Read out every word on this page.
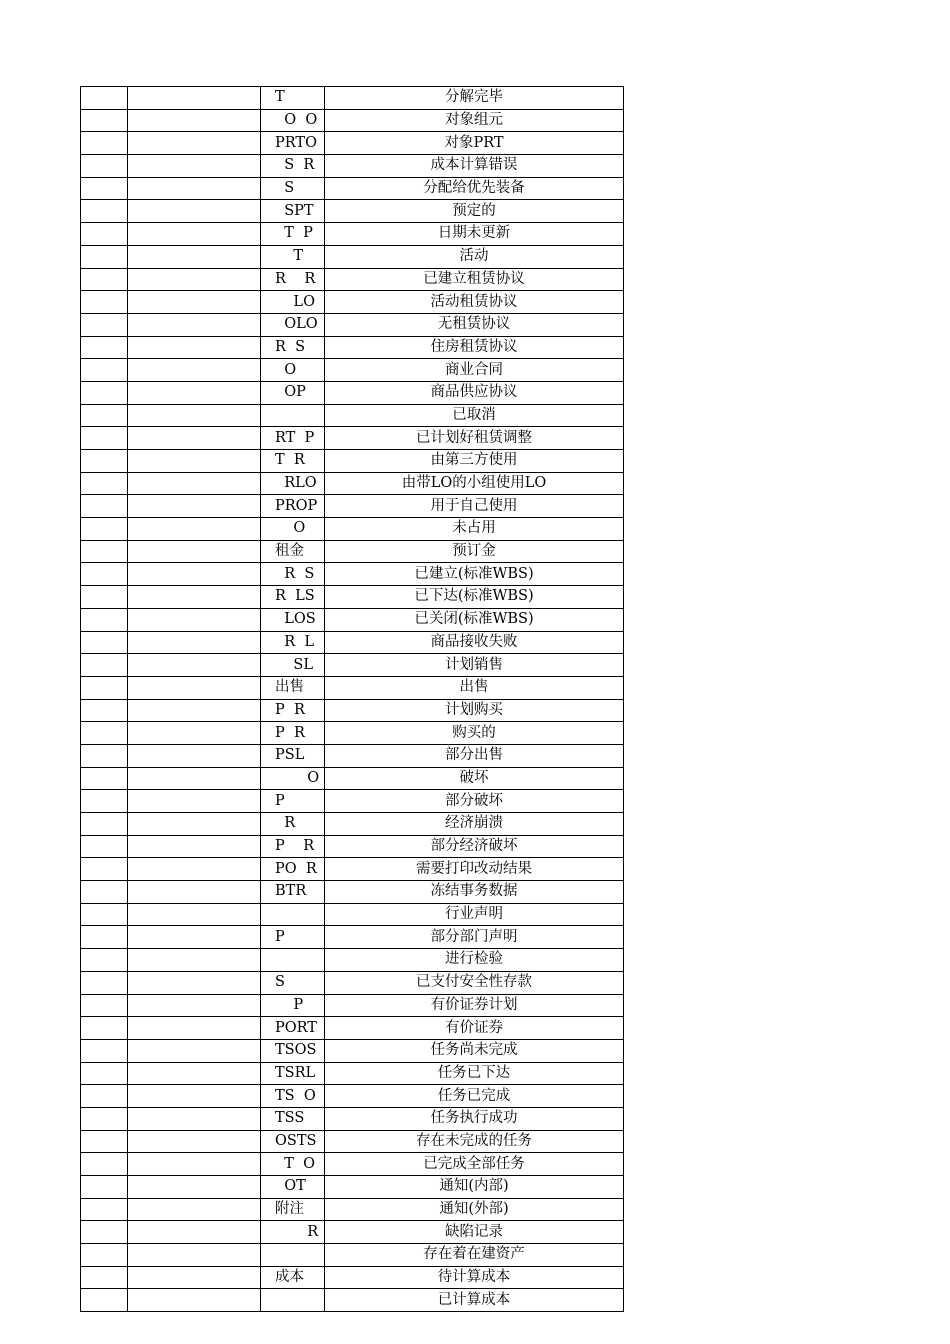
		T	分解完毕
		O  O	对象组元
		PRTO	对象PRT
		S  R	成本计算错误
		S	分配给优先装备
		SPT	预定的
		T  P	日期未更新
		T	活动
		R    R	已建立租赁协议
		LO	活动租赁协议
		OLO	无租赁协议
		R  S	住房租赁协议
		O	商业合同
		OP	商品供应协议
			已取消
		RT  P	已计划好租赁调整
		T  R	由第三方使用
		RLO	由带LO的小组使用LO
		PROP	用于自己使用
		O	未占用
		租金	预订金
		R  S	已建立(标准WBS)
		R  LS	已下达(标准WBS)
		LOS	已关闭(标准WBS)
		R  L	商品接收失败
		SL	计划销售
		出售	出售
		P  R	计划购买
		P  R	购买的
		PSL	部分出售
		O	破坏
		P	部分破坏
		R	经济崩溃
		P    R	部分经济破坏
		PO  R	需要打印改动结果
		BTR	冻结事务数据
			行业声明
		P	部分部门声明
			进行检验
		S	已支付安全性存款
		P	有价证券计划
		PORT	有价证券
		TSOS	任务尚未完成
		TSRL	任务已下达
		TS  O	任务已完成
		TSS	任务执行成功
		OSTS	存在未完成的任务
		T  O	已完成全部任务
		OT	通知(内部)
		附注	通知(外部)
		R	缺陷记录
			存在着在建资产
		成本	待计算成本
			已计算成本
